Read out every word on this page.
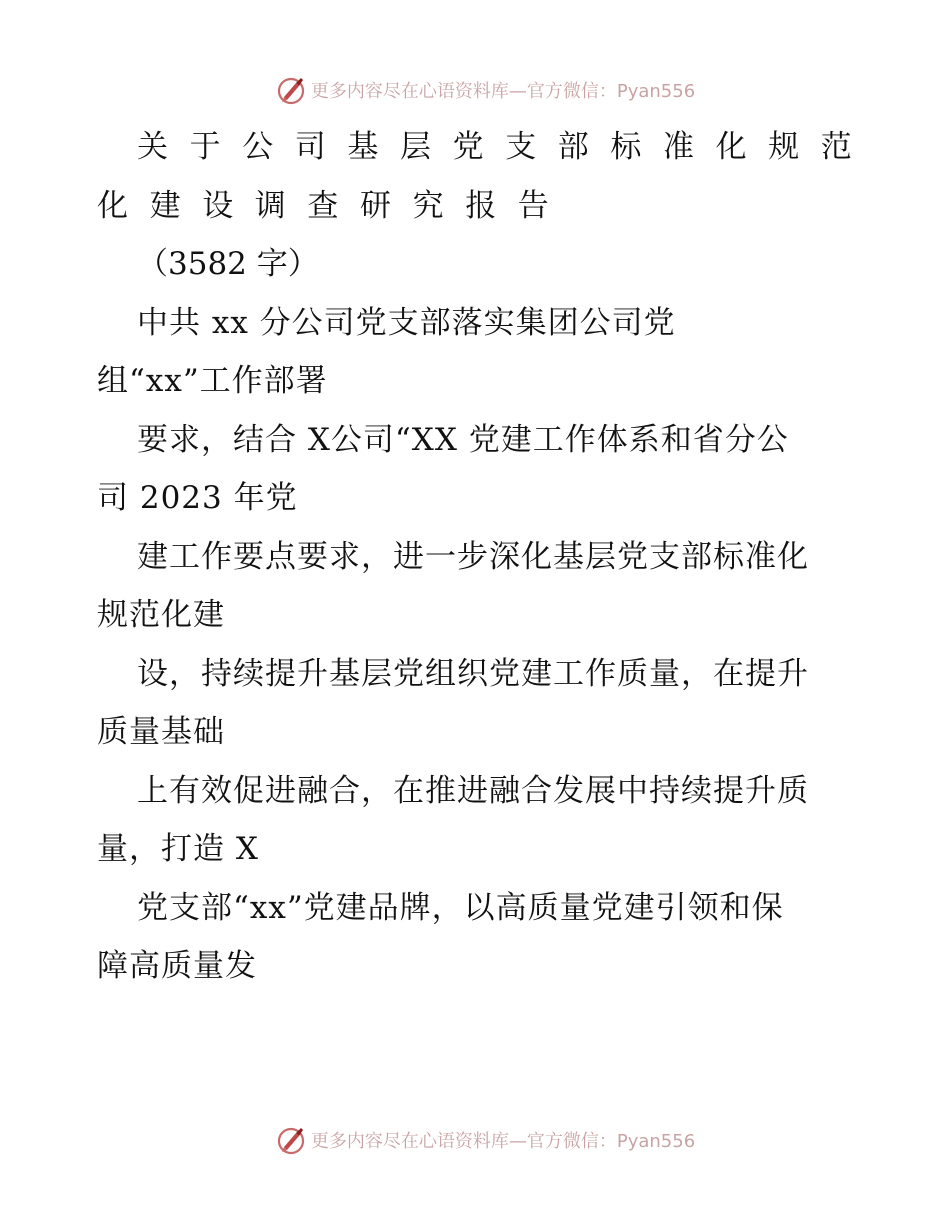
更多内容尽在心语资料库—官方微信：Pyan556
关于公司基层党支部标准化规范
化建设调查研究报告
（3582 字）
中共 xx 分公司党支部落实集团公司党
组“xx”工作部署
要求，结合 X公司“XX 党建工作体系和省分公
司 2023 年党
建工作要点要求，进一步深化基层党支部标准化
规范化建
设，持续提升基层党组织党建工作质量，在提升
质量基础
上有效促进融合，在推进融合发展中持续提升质
量，打造 X
党支部“xx”党建品牌，以高质量党建引领和保
障高质量发
更多内容尽在心语资料库—官方微信：Pyan556
